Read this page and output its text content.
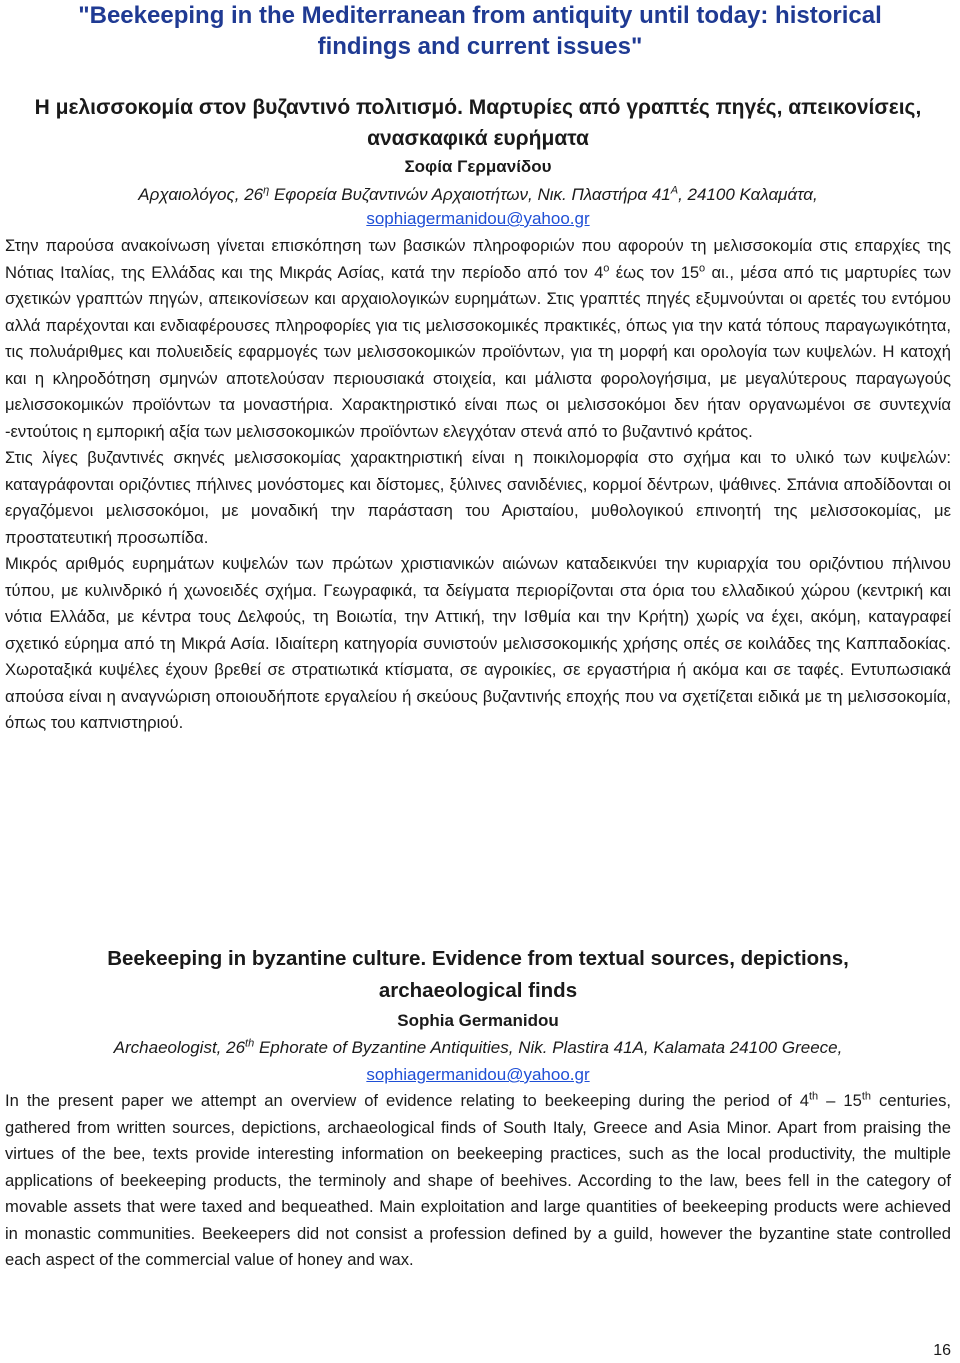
"Beekeeping in the Mediterranean from antiquity until today: historical
findings and current issues"
Η μελισσοκομία στον βυζαντινό πολιτισμό. Μαρτυρίες από γραπτές πηγές, απεικονίσεις,
ανασκαφικά ευρήματα
Σοφία Γερμανίδου
Αρχαιολόγος, $26^\eta$ Εφορεία Βυζαντινών Αρχαιοτήτων, Νικ. Πλαστήρα $41^A$, 24100 Καλαμάτα,
sophiagermanidou@yahoo.gr

Στην παρούσα ανακοίνωση γίνεται επισκόπηση των βασικών πληροφοριών που αφορούν τη μελισσοκομία στις επαρχίες της Νότιας Ιταλίας, της Ελλάδας και της Μικράς Ασίας, κατά την περίοδο από τον $4^o$ έως τον $15^o$ αι., μέσα από τις μαρτυρίες των σχετικών γραπτών πηγών, απεικονίσεων και αρχαιολογικών ευρημάτων. Στις γραπτές πηγές εξυμνούνται οι αρετές του εντόμου αλλά παρέχονται και ενδιαφέρουσες πληροφορίες για τις μελισσοκομικές πρακτικές, όπως για την κατά τόπους παραγωγικότητα, τις πολυάριθμες και πολυειδείς εφαρμογές των μελισσοκομικών προϊόντων, για τη μορφή και ορολογία των κυψελών. Η κατοχή και η κληροδότηση σμηνών αποτελούσαν περιουσιακά στοιχεία, και μάλιστα φορολογήσιμα, με μεγαλύτερους παραγωγούς μελισσοκομικών προϊόντων τα μοναστήρια. Χαρακτηριστικό είναι πως οι μελισσοκόμοι δεν ήταν οργανωμένοι σε συντεχνία -εντούτοις η εμπορική αξία των μελισσοκομικών προϊόντων ελεγχόταν στενά από το βυζαντινό κράτος.

Στις λίγες βυζαντινές σκηνές μελισσοκομίας χαρακτηριστική είναι η ποικιλομορφία στο σχήμα και το υλικό των κυψελών: καταγράφονται οριζόντιες πήλινες μονόστομες και δίστομες, ξύλινες σανιδένιες, κορμοί δέντρων, ψάθινες. Σπάνια αποδίδονται οι εργαζόμενοι μελισσοκόμοι, με μοναδική την παράσταση του Αρισταίου, μυθολογικού επινοητή της μελισσοκομίας, με προστατευτική προσωπίδα.

Μικρός αριθμός ευρημάτων κυψελών των πρώτων χριστιανικών αιώνων καταδεικνύει την κυριαρχία του οριζόντιου πήλινου τύπου, με κυλινδρικό ή χωνοειδές σχήμα. Γεωγραφικά, τα δείγματα περιορίζονται στα όρια του ελλαδικού χώρου (κεντρική και νότια Ελλάδα, με κέντρα τους Δελφούς, τη Βοιωτία, την Αττική, την Ισθμία και την Κρήτη) χωρίς να έχει, ακόμη, καταγραφεί σχετικό εύρημα από τη Μικρά Ασία. Ιδιαίτερη κατηγορία συνιστούν μελισσοκομικής χρήσης οπές σε κοιλάδες της Καππαδοκίας. Χωροταξικά κυψέλες έχουν βρεθεί σε στρατιωτικά κτίσματα, σε αγροικίες, σε εργαστήρια ή ακόμα και σε ταφές. Εντυπωσιακά απούσα είναι η αναγνώριση οποιουδήποτε εργαλείου ή σκεύους βυζαντινής εποχής που να σχετίζεται ειδικά με τη μελισσοκομία, όπως του καπνιστηριού.

Beekeeping in byzantine culture. Evidence from textual sources, depictions,
archaeological finds
Sophia Germanidou
Archaeologist, 26th Ephorate of Byzantine Antiquities, Nik. Plastira 41A, Kalamata 24100 Greece,
sophiagermanidou@yahoo.gr

In the present paper we attempt an overview of evidence relating to beekeeping during the period of 4th – 15th centuries, gathered from written sources, depictions, archaeological finds of South Italy, Greece and Asia Minor. Apart from praising the virtues of the bee, texts provide interesting information on beekeeping practices, such as the local productivity, the multiple applications of beekeeping products, the terminoly and shape of beehives. According to the law, bees fell in the category of movable assets that were taxed and bequeathed. Main exploitation and large quantities of beekeeping products were achieved in monastic communities. Beekeepers did not consist a profession defined by a guild, however the byzantine state controlled each aspect of the commercial value of honey and wax.

16
